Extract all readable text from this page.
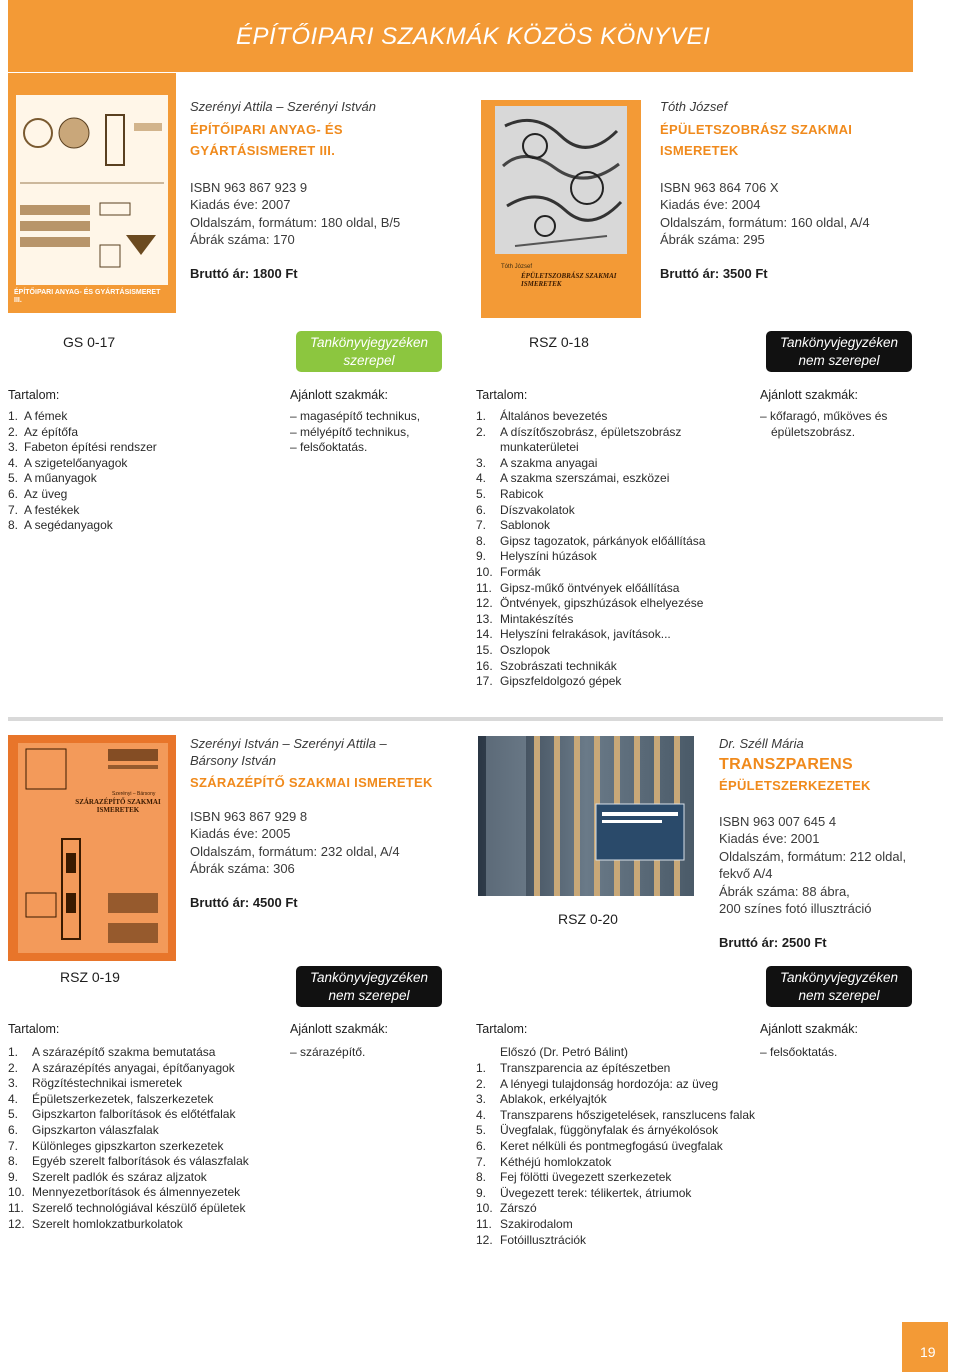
ÉPÍTŐIPARI SZAKMÁK KÖZÖS KÖNYVEI
ÉPÍTŐIPARI ANYAG- ÉS GYÁRTÁSISMERET III.
Szerényi Attila – Szerényi István
ÉPÍTŐIPARI ANYAG- ÉS
GYÁRTÁSISMERET III.
ISBN 963 867 923 9
Kiadás éve: 2007
Oldalszám, formátum: 180 oldal, B/5
Ábrák száma: 170
Bruttó ár: 1800 Ft
GS 0-17	Tankönyvjegyzéken
szerepel
Tartalom:
1. A fémek
2. Az építőfa
3. Fabeton építési rendszer
4. A szigetelőanyagok
5. A műanyagok
6. Az üveg
7. A festékek
8. A segédanyagok
Ajánlott szakmák:
– magasépítő technikus,
– mélyépítő technikus,
– felsőoktatás.
Tóth József
ÉPÜLETSZOBRÁSZ SZAKMAI ISMERETEK
Tóth József
ÉPÜLETSZOBRÁSZ SZAKMAI
ISMERETEK
ISBN 963 864 706 X
Kiadás éve: 2004
Oldalszám, formátum: 160 oldal, A/4
Ábrák száma: 295
Bruttó ár: 3500 Ft
RSZ 0-18	Tankönyvjegyzéken
nem szerepel
Tartalom:
1.	Általános bevezetés
2.	A díszítőszobrász, épületszobrász munkaterületei
3.	A szakma anyagai
4.	A szakma szerszámai, eszközei
5.	Rabicok
6.	Díszvakolatok
7.	Sablonok
8.	Gipsz tagozatok, párkányok előállítása
9.	Helyszíni húzások
10. Formák
11. Gipsz-műkő öntvények előállítása
12. Öntvények, gipszhúzások elhelyezése
13. Mintakészítés
14. Helyszíni felrakások, javítások...
15. Oszlopok
16. Szobrászati technikák
17. Gipszfeldolgozó gépek
Ajánlott szakmák:
– kőfaragó, műköves és
épületszobrász.
Szerényi – Bársony
SZÁRAZÉPÍTŐ SZAKMAI ISMERETEK
Szerényi István – Szerényi Attila –
Bársony István
SZÁRAZÉPÍTŐ SZAKMAI ISMERETEK
ISBN 963 867 929 8
Kiadás éve: 2005
Oldalszám, formátum: 232 oldal, A/4
Ábrák száma: 306
Bruttó ár: 4500 Ft
RSZ 0-19	Tankönyvjegyzéken
nem szerepel
Tartalom:
1.	A szárazépítő szakma bemutatása
2.	A szárazépítés anyagai, építőanyagok
3.	Rögzítéstechnikai ismeretek
4.	Épületszerkezetek, falszerkezetek
5.	Gipszkarton falborítások és előtétfalak
6.	Gipszkarton válaszfalak
7.	Különleges gipszkarton szerkezetek
8.	Egyéb szerelt falborítások és válaszfalak
9.	Szerelt padlók és száraz aljzatok
10. Mennyezetborítások és álmennyezetek
11. Szerelő technológiával készülő épületek
12. Szerelt homlokzatburkolatok
Ajánlott szakmák:
– szárazépítő.
RSZ 0-20
Dr. Széll Mária
TRANSZPARENS
ÉPÜLETSZERKEZETEK
ISBN 963 007 645 4
Kiadás éve: 2001
Oldalszám, formátum: 212 oldal,
fekvő A/4
Ábrák száma: 88 ábra,
200 színes fotó illusztráció
Bruttó ár: 2500 Ft
Tankönyvjegyzéken
nem szerepel
Tartalom:
Előszó (Dr. Petró Bálint)
1.	Transzparencia az építészetben
2.	A lényegi tulajdonság hordozója: az üveg
3.	Ablakok, erkélyajtók
4.	Transzparens hőszigetelések, ranszlucens falak
5.	Üvegfalak, függönyfalak és árnyékolósok
6.	Keret nélküli és pontmegfogású üvegfalak
7.	Kéthéjú homlokzatok
8.	Fej fölötti üvegezett szerkezetek
9.	Üvegezett terek: télikertek, átriumok
10. Zárszó
11. Szakirodalom
12. Fotóillusztrációk
Ajánlott szakmák:
– felsőoktatás.
19
